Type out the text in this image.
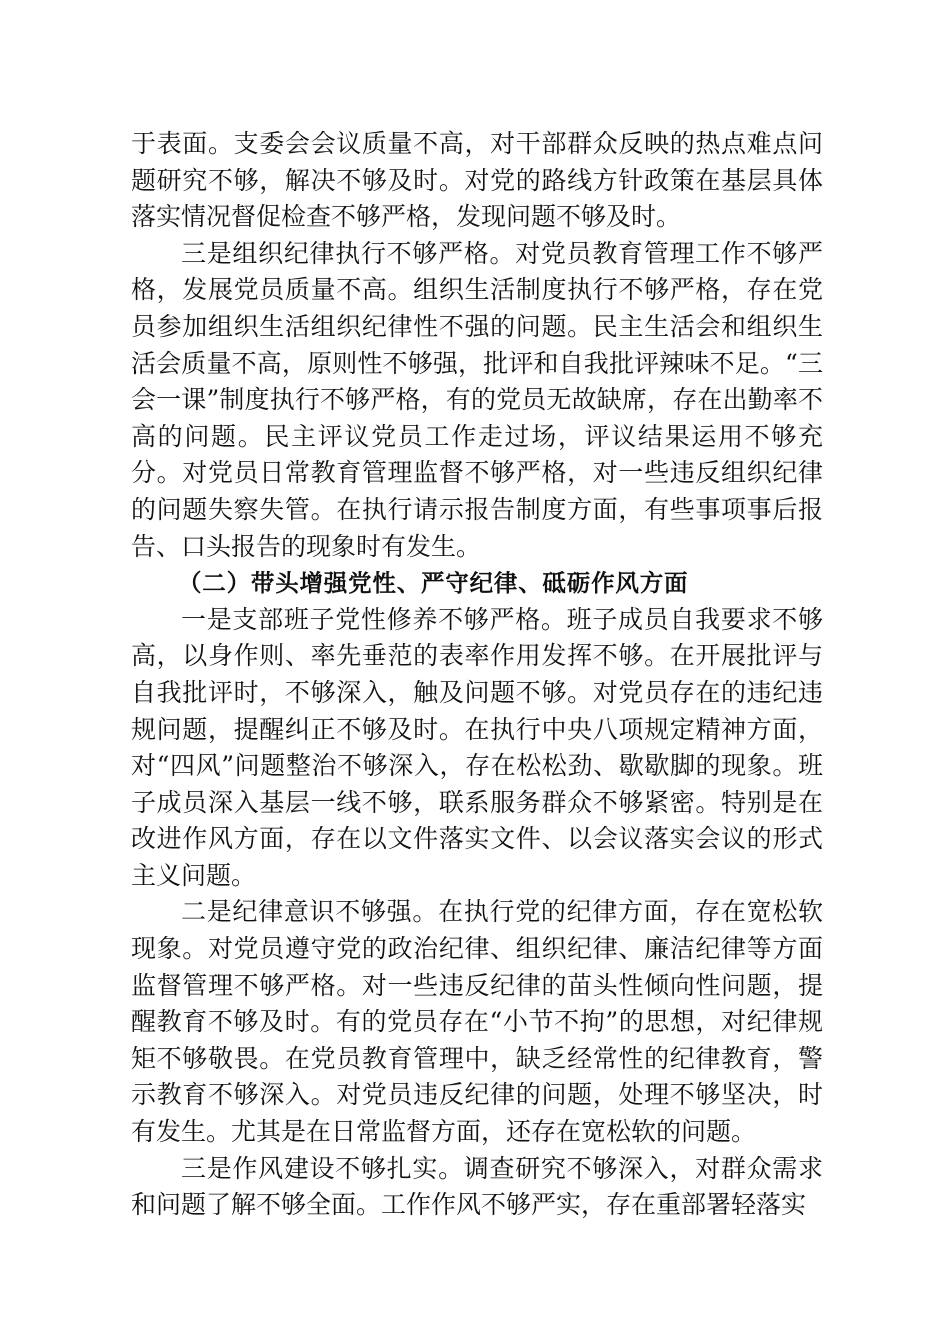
于表面。支委会会议质量不高，对干部群众反映的热点难点问题研究不够，解决不够及时。对党的路线方针政策在基层具体落实情况督促检查不够严格，发现问题不够及时。

三是组织纪律执行不够严格。对党员教育管理工作不够严格，发展党员质量不高。组织生活制度执行不够严格，存在党员参加组织生活组织纪律性不强的问题。民主生活会和组织生活会质量不高，原则性不够强，批评和自我批评辣味不足。“三会一课”制度执行不够严格，有的党员无故缺席，存在出勤率不高的问题。民主评议党员工作走过场，评议结果运用不够充分。对党员日常教育管理监督不够严格，对一些违反组织纪律的问题失察失管。在执行请示报告制度方面，有些事项事后报告、口头报告的现象时有发生。

（二）带头增强党性、严守纪律、砥砺作风方面

一是支部班子党性修养不够严格。班子成员自我要求不够高，以身作则、率先垂范的表率作用发挥不够。在开展批评与自我批评时，不够深入，触及问题不够。对党员存在的违纪违规问题，提醒纠正不够及时。在执行中央八项规定精神方面，对“四风”问题整治不够深入，存在松松劲、歇歇脚的现象。班子成员深入基层一线不够，联系服务群众不够紧密。特别是在改进作风方面，存在以文件落实文件、以会议落实会议的形式主义问题。

二是纪律意识不够强。在执行党的纪律方面，存在宽松软现象。对党员遵守党的政治纪律、组织纪律、廉洁纪律等方面监督管理不够严格。对一些违反纪律的苗头性倾向性问题，提醒教育不够及时。有的党员存在“小节不拘”的思想，对纪律规矩不够敬畏。在党员教育管理中，缺乏经常性的纪律教育，警示教育不够深入。对党员违反纪律的问题，处理不够坚决，时有发生。尤其是在日常监督方面，还存在宽松软的问题。

三是作风建设不够扎实。调查研究不够深入，对群众需求和问题了解不够全面。工作作风不够严实，存在重部署轻落实
